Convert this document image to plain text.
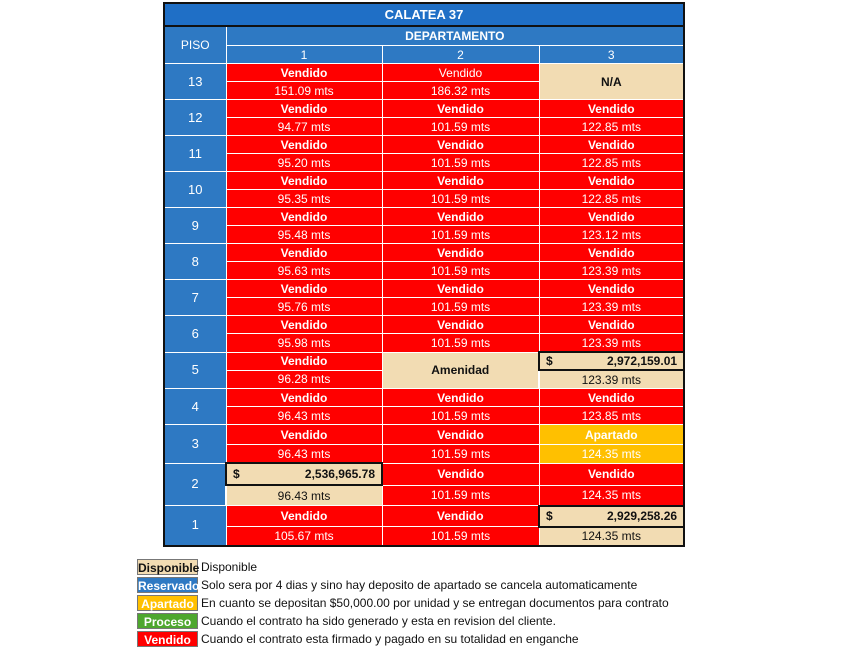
CALATEA 37			
PISO	DEPARTAMENTO		
	1	2	3
13	Vendido	Vendido	N/A
	151.09 mts	186.32 mts	
12	Vendido	Vendido	Vendido
	94.77 mts	101.59 mts	122.85 mts
11	Vendido	Vendido	Vendido
	95.20 mts	101.59 mts	122.85 mts
10	Vendido	Vendido	Vendido
	95.35 mts	101.59 mts	122.85 mts
9	Vendido	Vendido	Vendido
	95.48 mts	101.59 mts	123.12 mts
8	Vendido	Vendido	Vendido
	95.63 mts	101.59 mts	123.39 mts
7	Vendido	Vendido	Vendido
	95.76 mts	101.59 mts	123.39 mts
6	Vendido	Vendido	Vendido
	95.98 mts	101.59 mts	123.39 mts
5	Vendido	Amenidad	$ 2,972,159.01

	96.28 mts		123.39 mts
4	Vendido	Vendido	Vendido
	96.43 mts	101.59 mts	123.85 mts
3	Vendido	Vendido	Apartado
	96.43 mts	101.59 mts	124.35 mts
2	$ 2,536,965.78	Vendido	Vendido
	96.43 mts	101.59 mts	124.35 mts
1	Vendido	Vendido	$ 2,929,258.26

	105.67 mts	101.59 mts	124.35 mts
Disponible Disponible
Reservado Solo sera por 4 dias y sino hay deposito de apartado se cancela automaticamente
Apartado En cuanto se depositan $50,000.00 por unidad y se entregan documentos para contrato
Proceso Cuando el contrato ha sido generado y esta en revision del cliente.
Vendido Cuando el contrato esta firmado y pagado en su totalidad en enganche
